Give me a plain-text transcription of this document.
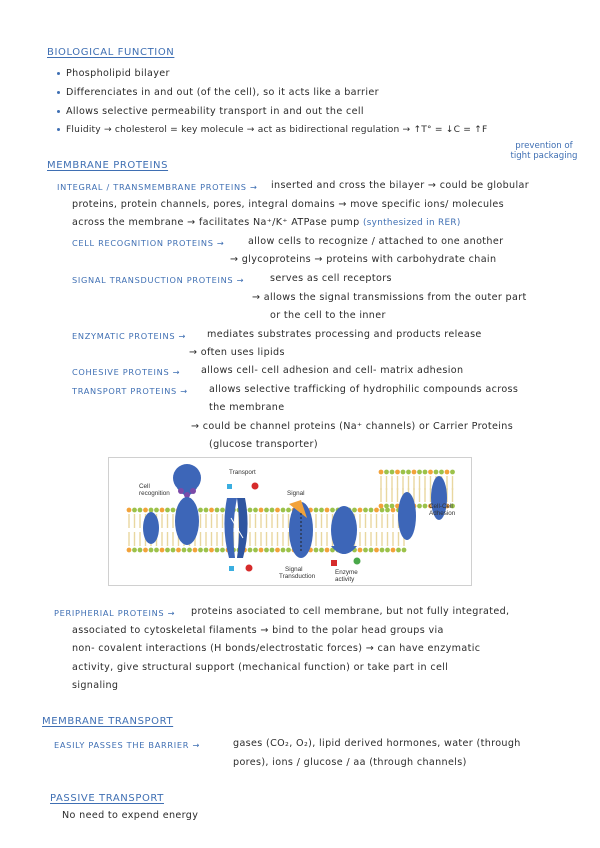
BIOLOGICAL FUNCTION
Phospholipid bilayer
Differenciates in and out (of the cell), so it acts like a barrier
Allows selective permeability transport in and out the cell
Fluidity → cholesterol = key molecule → act as bidirectional regulation → ↑T° = ↓C = ↑F
prevention of
tight packaging
MEMBRANE PROTEINS
INTEGRAL / TRANSMEMBRANE PROTEINS → inserted and cross the bilayer → could be globular
proteins, protein channels, pores, integral domains → move specific ions/ molecules
across the membrane → facilitates Na⁺/K⁺ ATPase pump (synthesized in RER)
CELL RECOGNITION PROTEINS → allow cells to recognize / attached to one another
→ glycoproteins → proteins with carbohydrate chain
SIGNAL TRANSDUCTION PROTEINS →	serves as cell receptors
→ allows the signal transmissions from the outer part
or the cell to the inner
ENZYMATIC PROTEINS → mediates substrates processing and products release
→ often uses lipids
COHESIVE PROTEINS → allows cell- cell adhesion and cell- matrix adhesion
TRANSPORT PROTEINS → allows selective trafficking of hydrophilic compounds across
the membrane
→ could be channel proteins (Na⁺ channels) or Carrier Proteins
(glucose transporter)
Cell
recognition
Transport
Signal
Signal
Transduction
Enzyme
activity
Cell-Cell
Adhesion
PERIPHERIAL PROTEINS → proteins asociated to cell membrane, but not fully integrated,
associated to cytoskeletal filaments → bind to the polar head groups via
non- covalent interactions (H bonds/electrostatic forces) → can have enzymatic
activity, give structural support (mechanical function) or take part in cell
signaling
MEMBRANE TRANSPORT
EASILY PASSES THE BARRIER →	gases (CO₂, O₂), lipid derived hormones, water (through
pores), ions / glucose / aa (through channels)
PASSIVE TRANSPORT
No need to expend energy
